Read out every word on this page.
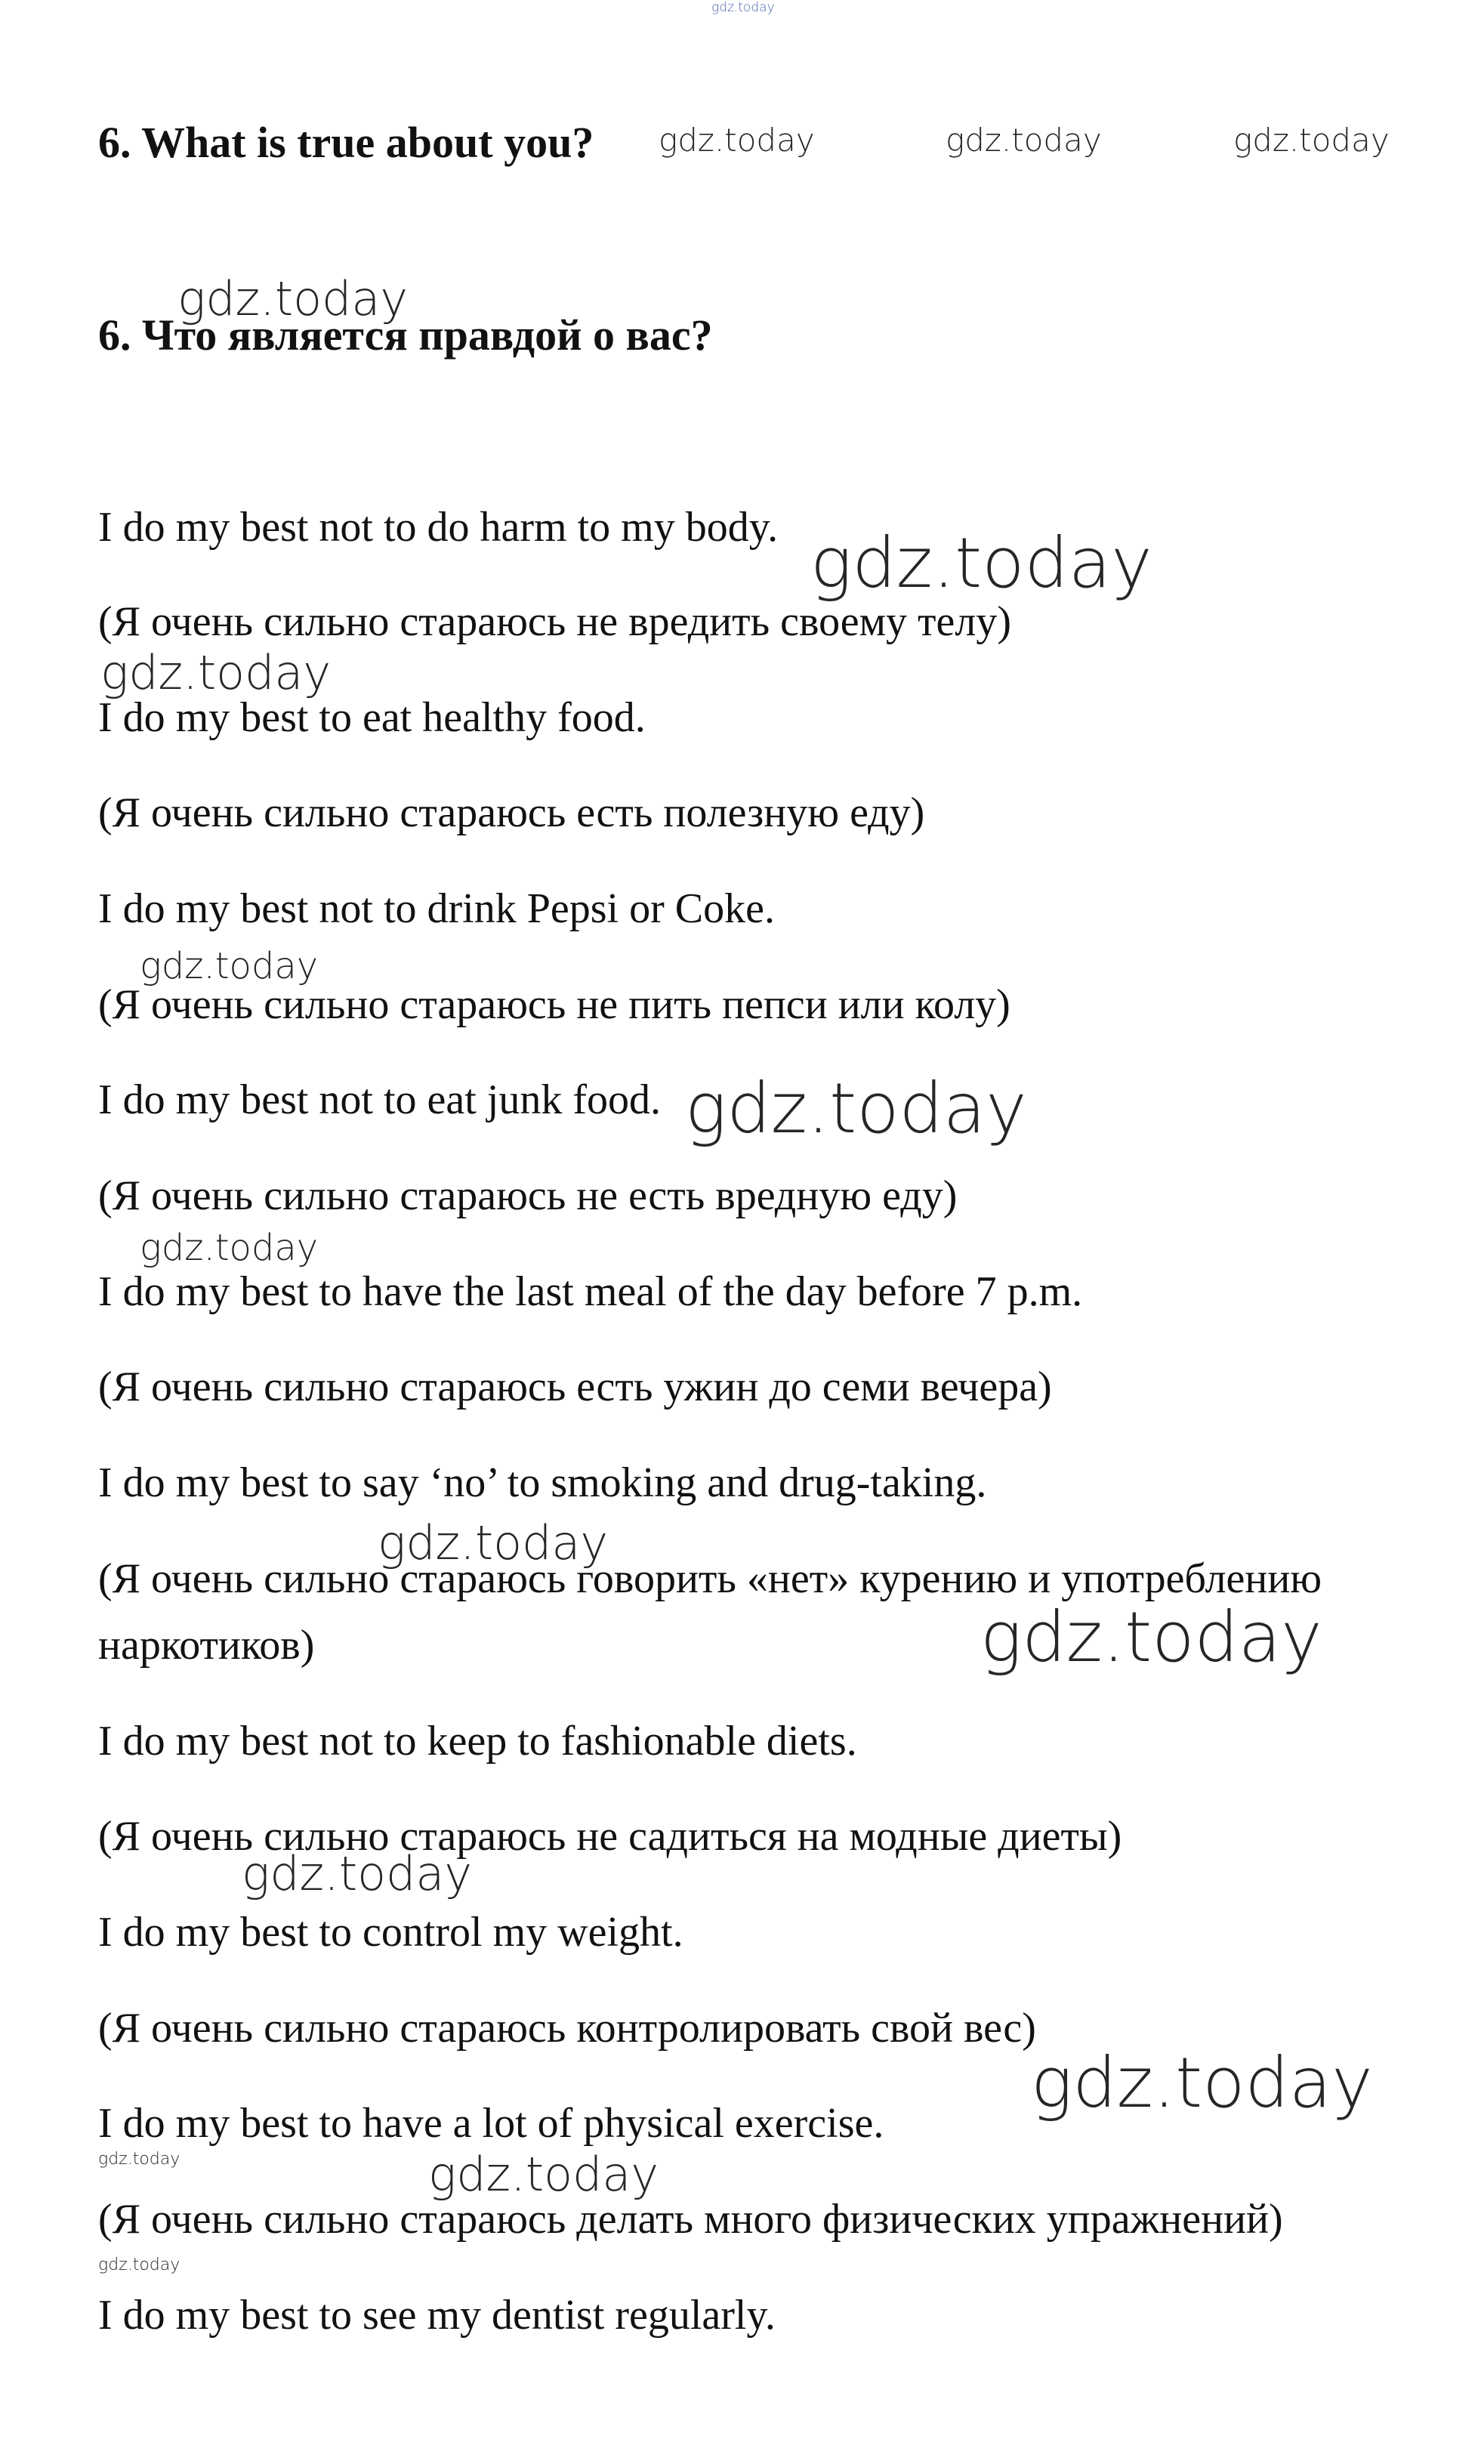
gdz.today
6. What is true about you?
6. Что является правдой о вас?
I do my best not to do harm to my body.
(Я очень сильно стараюсь не вредить своему телу)
I do my best to eat healthy food.
(Я очень сильно стараюсь есть полезную еду)
I do my best not to drink Pepsi or Coke.
(Я очень сильно стараюсь не пить пепси или колу)
I do my best not to eat junk food.
(Я очень сильно стараюсь не есть вредную еду)
I do my best to have the last meal of the day before 7 p.m.
(Я очень сильно стараюсь есть ужин до семи вечера)
I do my best to say ‘no’ to smoking and drug-taking.
(Я очень сильно стараюсь говорить «нет» курению и употреблению
наркотиков)
I do my best not to keep to fashionable diets.
(Я очень сильно стараюсь не садиться на модные диеты)
I do my best to control my weight.
(Я очень сильно стараюсь контролировать свой вес)
I do my best to have a lot of physical exercise.
(Я очень сильно стараюсь делать много физических упражнений)
I do my best to see my dentist regularly.
gdz.today	gdz.today	gdz.today
gdz.today
gdz.today
gdz.today
gdz.today
gdz.today
gdz.today
gdz.today
gdz.today
gdz.today
gdz.today
gdz.today	gdz.today
gdz.today
